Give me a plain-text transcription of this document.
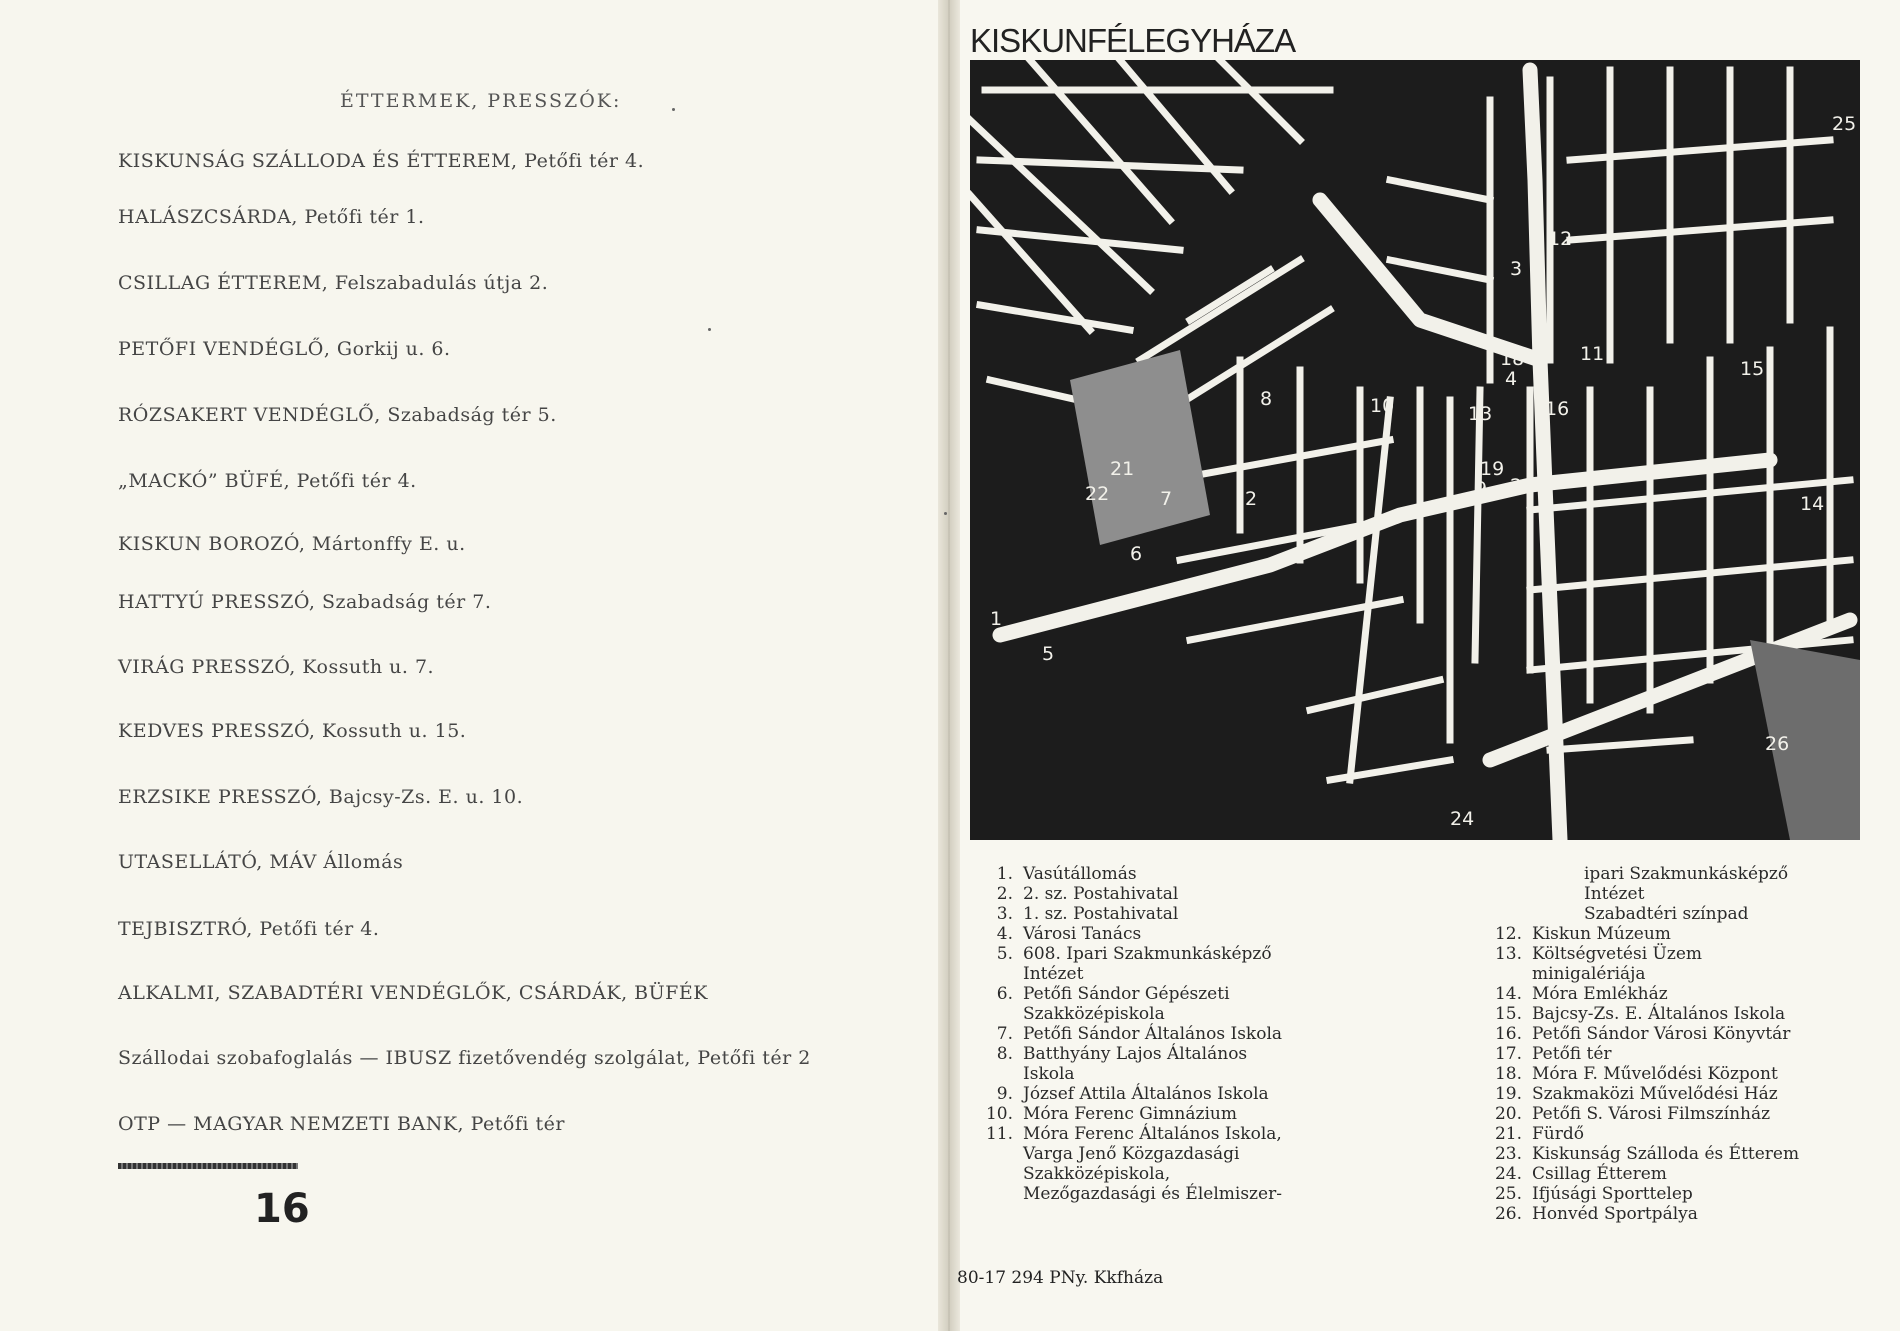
ÉTTERMEK, PRESSZÓK:
KISKUNSÁG SZÁLLODA ÉS ÉTTEREM, Petőfi tér 4.
HALÁSZCSÁRDA, Petőfi tér 1.
CSILLAG ÉTTEREM, Felszabadulás útja 2.
PETŐFI VENDÉGLŐ, Gorkij u. 6.
RÓZSAKERT VENDÉGLŐ, Szabadság tér 5.
„MACKÓ” BÜFÉ, Petőfi tér 4.
KISKUN BOROZÓ, Mártonffy E. u.
HATTYÚ PRESSZÓ, Szabadság tér 7.
VIRÁG PRESSZÓ, Kossuth u. 7.
KEDVES PRESSZÓ, Kossuth u. 15.
ERZSIKE PRESSZÓ, Bajcsy-Zs. E. u. 10.
UTASELLÁTÓ, MÁV Állomás
TEJBISZTRÓ, Petőfi tér 4.
ALKALMI, SZABADTÉRI VENDÉGLŐK, CSÁRDÁK, BÜFÉK
Szállodai szobafoglalás — IBUSZ fizetővendég szolgálat, Petőfi tér 2
OTP — MAGYAR NEMZETI BANK, Petőfi tér
16
KISKUNFÉLEGYHÁZA
1
2
3
4
5
6
7
8
9
10
11
12
13
14
15
16
18
19
20
21
22
24
25
26
1. Vasútállomás
2. 2. sz. Postahivatal
3. 1. sz. Postahivatal
4. Városi Tanács
5. 608. Ipari Szakmunkásképző
Intézet
6. Petőfi Sándor Gépészeti
Szakközépiskola
7. Petőfi Sándor Általános Iskola
8. Batthyány Lajos Általános
Iskola
9. József Attila Általános Iskola
10. Móra Ferenc Gimnázium
11. Móra Ferenc Általános Iskola,
Varga Jenő Közgazdasági
Szakközépiskola,
Mezőgazdasági és Élelmiszer-
ipari Szakmunkásképző
Intézet
Szabadtéri színpad
12. Kiskun Múzeum
13. Költségvetési Üzem
minigalériája
14. Móra Emlékház
15. Bajcsy-Zs. E. Általános Iskola
16. Petőfi Sándor Városi Könyvtár
17. Petőfi tér
18. Móra F. Művelődési Központ
19. Szakmaközi Művelődési Ház
20. Petőfi S. Városi Filmszínház
21. Fürdő
23. Kiskunság Szálloda és Étterem
24. Csillag Étterem
25. Ifjúsági Sporttelep
26. Honvéd Sportpálya
80-17 294 PNy. Kkfháza
